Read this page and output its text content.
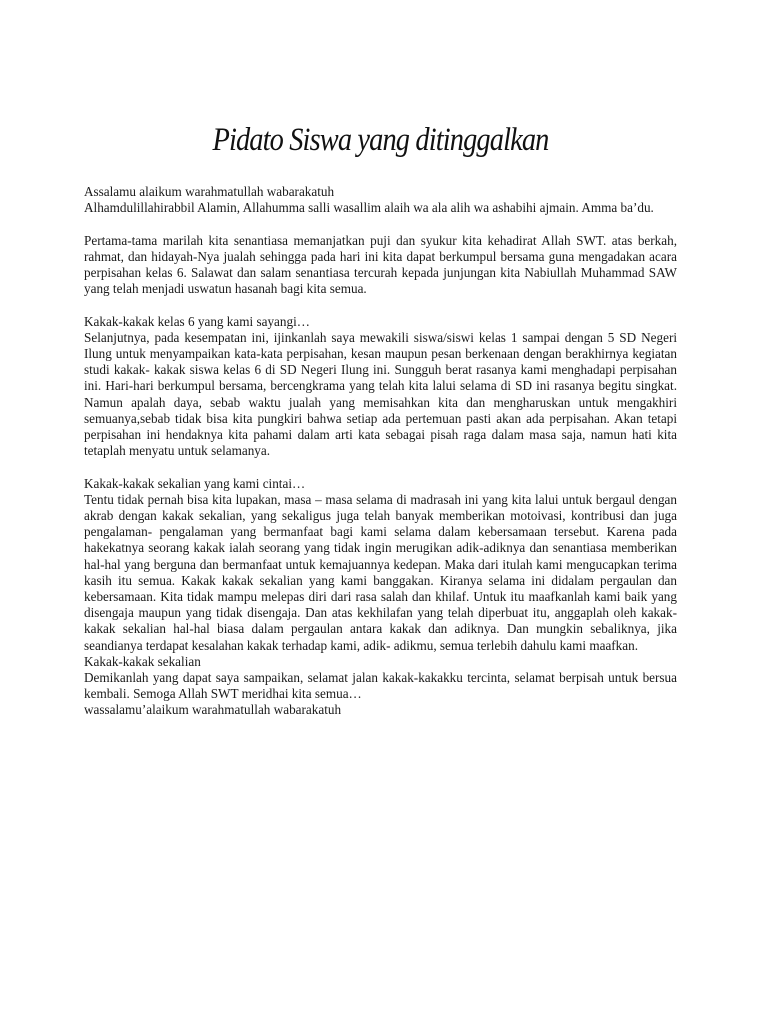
Pidato Siswa yang ditinggalkan

Assalamu alaikum warahmatullah wabarakatuh

Alhamdulillahirabbil Alamin, Allahumma salli wasallim alaih wa ala alih wa ashabihi ajmain. Amma ba’du.

Pertama-tama marilah kita senantiasa memanjatkan puji dan syukur kita kehadirat Allah SWT. atas berkah, rahmat, dan hidayah-Nya jualah sehingga pada hari ini kita dapat berkumpul bersama guna mengadakan acara perpisahan kelas 6. Salawat dan salam senantiasa tercurah kepada junjungan kita Nabiullah Muhammad SAW yang telah menjadi uswatun hasanah bagi kita semua.

Kakak-kakak kelas 6 yang kami sayangi…

Selanjutnya, pada kesempatan ini, ijinkanlah saya mewakili siswa/siswi kelas 1 sampai dengan 5 SD Negeri Ilung untuk menyampaikan kata-kata perpisahan, kesan maupun pesan berkenaan dengan berakhirnya kegiatan studi kakak- kakak siswa kelas 6 di SD Negeri Ilung ini. Sungguh berat rasanya kami menghadapi perpisahan ini. Hari-hari berkumpul bersama, bercengkrama yang telah kita lalui selama di SD ini rasanya begitu singkat. Namun apalah daya, sebab waktu jualah yang memisahkan kita dan mengharuskan untuk mengakhiri semuanya,sebab tidak bisa kita pungkiri bahwa setiap ada pertemuan pasti akan ada perpisahan. Akan tetapi perpisahan ini hendaknya kita pahami dalam arti kata sebagai pisah raga dalam masa saja, namun hati kita tetaplah menyatu untuk selamanya.

Kakak-kakak sekalian yang kami cintai…

Tentu tidak pernah bisa kita lupakan, masa – masa selama di madrasah ini yang kita lalui untuk bergaul dengan akrab dengan kakak sekalian, yang sekaligus juga telah banyak memberikan motoivasi, kontribusi dan juga pengalaman- pengalaman yang bermanfaat bagi kami selama dalam kebersamaan tersebut. Karena pada hakekatnya seorang kakak ialah seorang yang tidak ingin merugikan adik-adiknya dan senantiasa memberikan hal-hal yang berguna dan bermanfaat untuk kemajuannya kedepan. Maka dari itulah kami mengucapkan terima kasih itu semua. Kakak kakak sekalian yang kami banggakan. Kiranya selama ini didalam pergaulan dan kebersamaan. Kita tidak mampu melepas diri dari rasa salah dan khilaf. Untuk itu maafkanlah kami baik yang disengaja maupun yang tidak disengaja. Dan atas kekhilafan yang telah diperbuat itu, anggaplah oleh kakak-kakak sekalian hal-hal biasa dalam pergaulan antara kakak dan adiknya. Dan mungkin sebaliknya, jika seandianya terdapat kesalahan kakak terhadap kami, adik- adikmu, semua terlebih dahulu kami maafkan.

Kakak-kakak sekalian

Demikanlah yang dapat saya sampaikan, selamat jalan kakak-kakakku tercinta, selamat berpisah untuk bersua kembali. Semoga Allah SWT meridhai kita semua…

wassalamu’alaikum warahmatullah wabarakatuh
